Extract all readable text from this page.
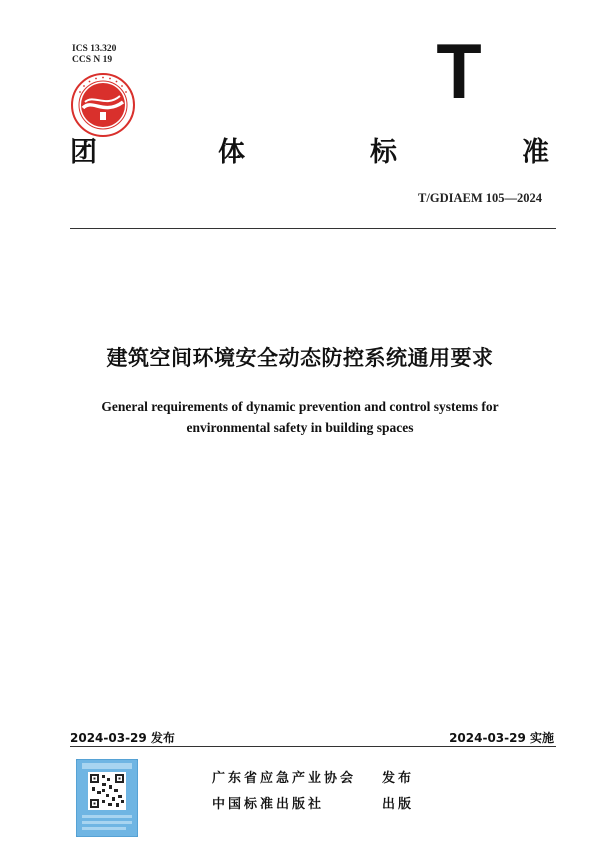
ICS 13.320
CCS N 19	T
团	体	标	准
T/GDIAEM 105—2024
建筑空间环境安全动态防控系统通用要求
General requirements of dynamic prevention and control systems for
environmental safety in building spaces
2024-03-29 发布	2024-03-29 实施
广东省应急产业协会 发布
中国标准出版社	出版
